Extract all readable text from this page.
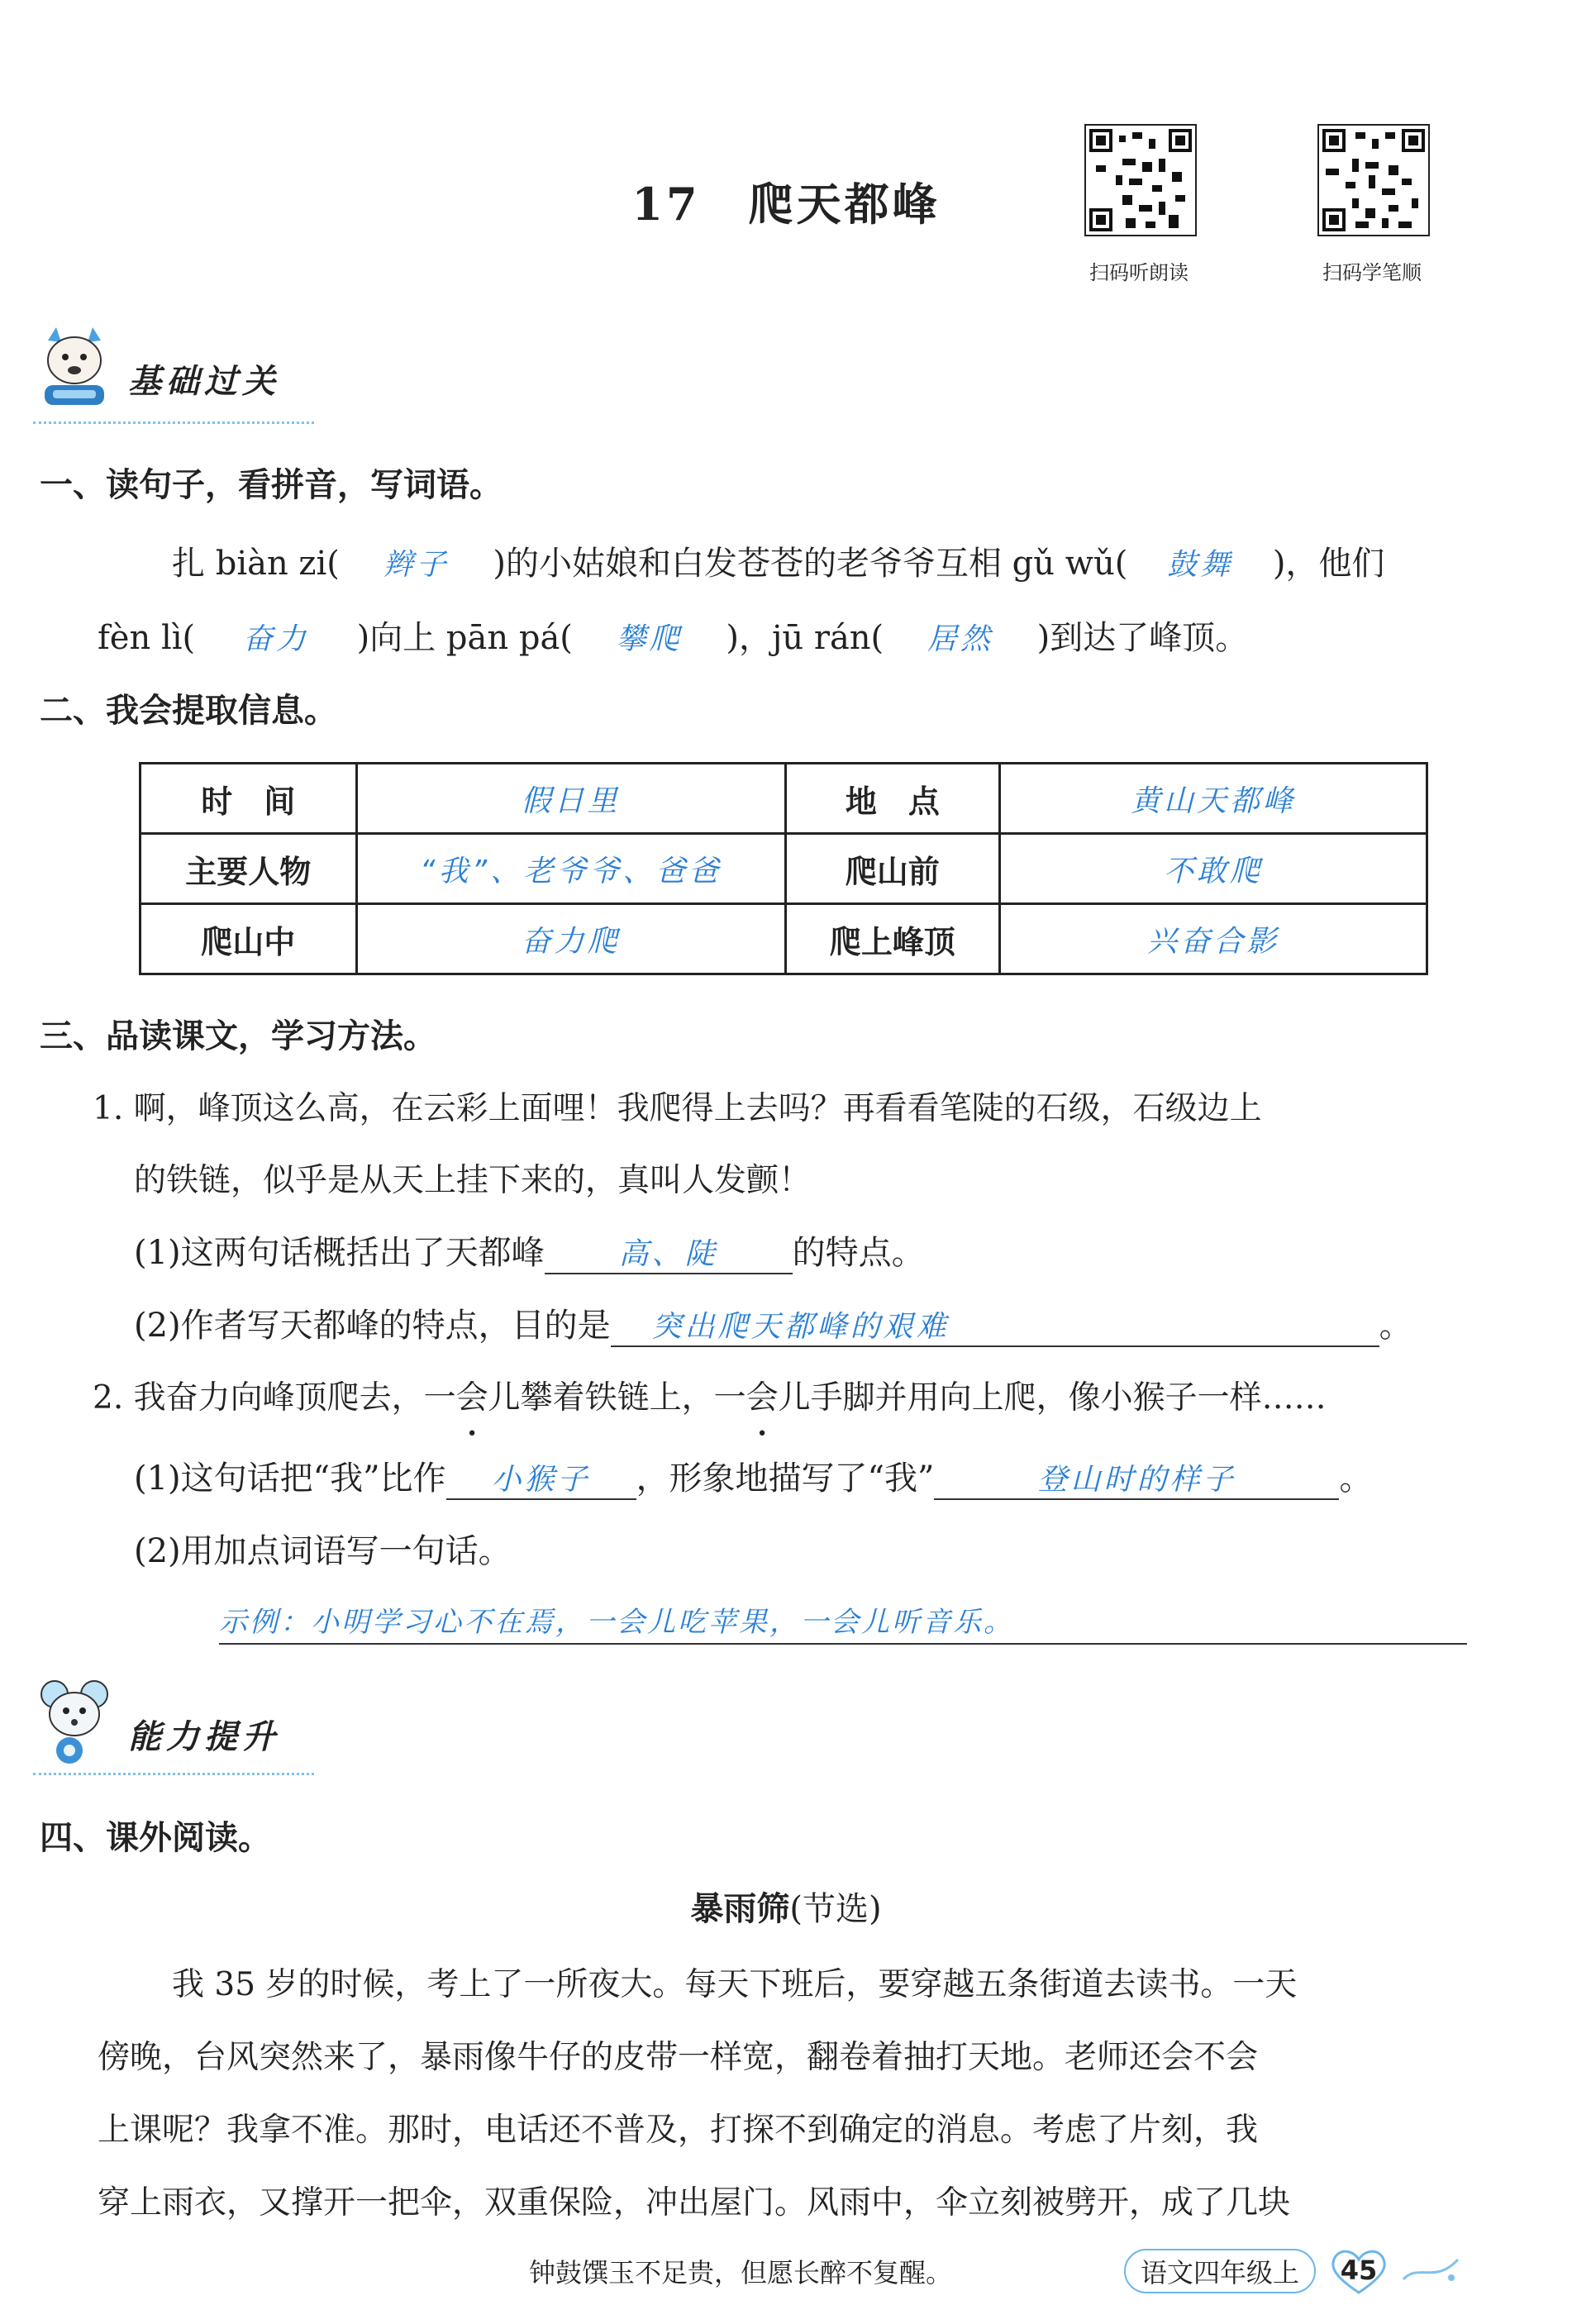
17　爬天都峰
扫码听朗读	扫码学笔顺
基础过关
一、读句子，看拼音，写词语。
扎 biàn zi( 辫子 )的小姑娘和白发苍苍的老爷爷互相 gǔ wǔ( 鼓舞 )，他们
fèn lì( 奋力 )向上 pān pá( 攀爬 )，jū rán( 居然 )到达了峰顶。
二、我会提取信息。
时　间	假日里	地　点	黄山天都峰
主要人物	“我”、老爷爷、爸爸	爬山前	不敢爬
爬山中	奋力爬	爬上峰顶	兴奋合影
三、品读课文，学习方法。
1. 啊，峰顶这么高，在云彩上面哩！我爬得上去吗？再看看笔陡的石级，石级边上
的铁链，似乎是从天上挂下来的，真叫人发颤！
(1)这两句话概括出了天都峰 高、陡 的特点。
(2)作者写天都峰的特点，目的是 突出爬天都峰的艰难	。
2. 我奋力向峰顶爬去，一会儿攀着铁链上，一会儿手脚并用向上爬，像小猴子一样……
(1)这句话把“我”比作 小猴子 ，形象地描写了“我”	登山时的样子	。
(2)用加点词语写一句话。
示例：小明学习心不在焉，一会儿吃苹果，一会儿听音乐。
能力提升
四、课外阅读。
暴雨筛(节选)
我 35 岁的时候，考上了一所夜大。每天下班后，要穿越五条街道去读书。一天
傍晚，台风突然来了，暴雨像牛仔的皮带一样宽，翻卷着抽打天地。老师还会不会
上课呢？我拿不准。那时，电话还不普及，打探不到确定的消息。考虑了片刻，我
穿上雨衣，又撑开一把伞，双重保险，冲出屋门。风雨中，伞立刻被劈开，成了几块
钟鼓馔玉不足贵，但愿长醉不复醒。	语文四年级上	45
